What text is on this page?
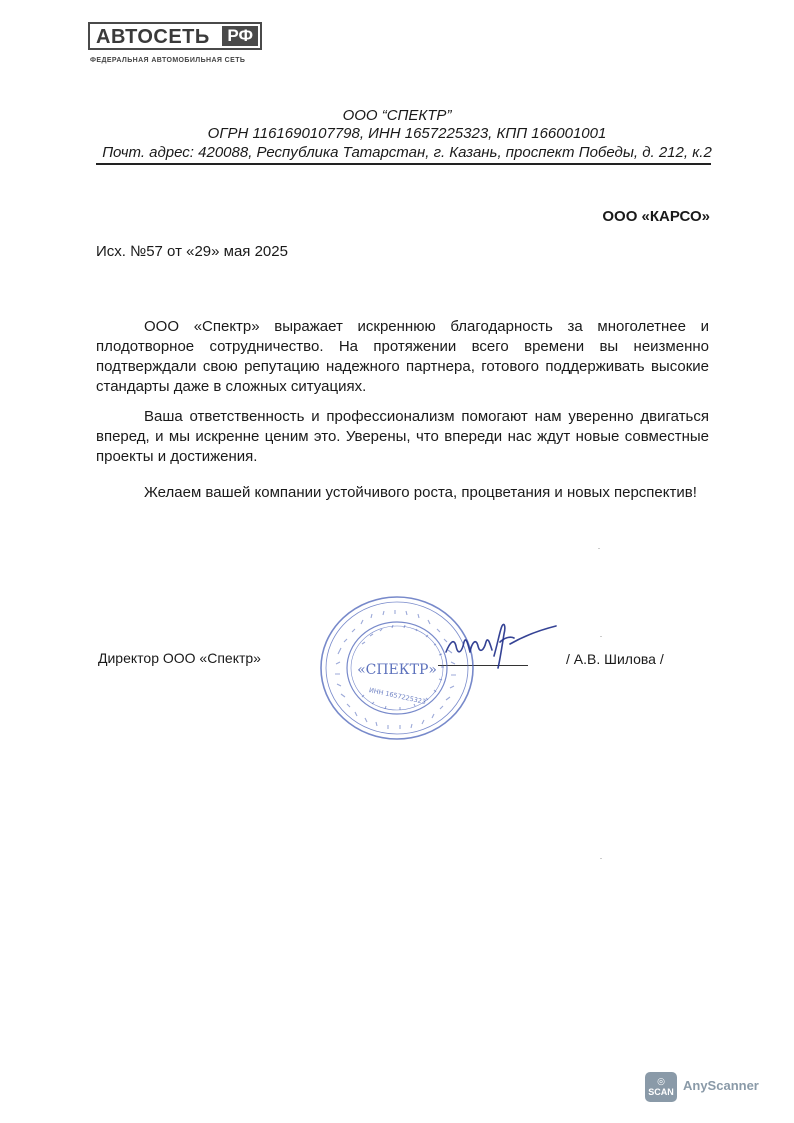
АВТОСЕТЬ РФ
ФЕДЕРАЛЬНАЯ АВТОМОБИЛЬНАЯ СЕТЬ
ООО “СПЕКТР”
ОГРН 1161690107798, ИНН 1657225323, КПП 166001001
Почт. адрес: 420088, Республика Татарстан, г. Казань, проспект Победы, д. 212, к.2
ООО «КАРСО»
Исх. №57 от «29» мая 2025
ООО «Спектр» выражает искреннюю благодарность за многолетнее и плодотворное сотрудничество. На протяжении всего времени вы неизменно подтверждали свою репутацию надежного партнера, готового поддерживать высокие стандарты даже в сложных ситуациях.
Ваша ответственность и профессионализм помогают нам уверенно двигаться вперед, и мы искренне ценим это. Уверены, что впереди нас ждут новые совместные проекты и достижения.
Желаем вашей компании устойчивого роста, процветания и новых перспектив!
Директор ООО «Спектр»	/ А.В. Шилова /
«СПЕКТР»
ИНН 1657225323
◎
SCAN AnyScanner
